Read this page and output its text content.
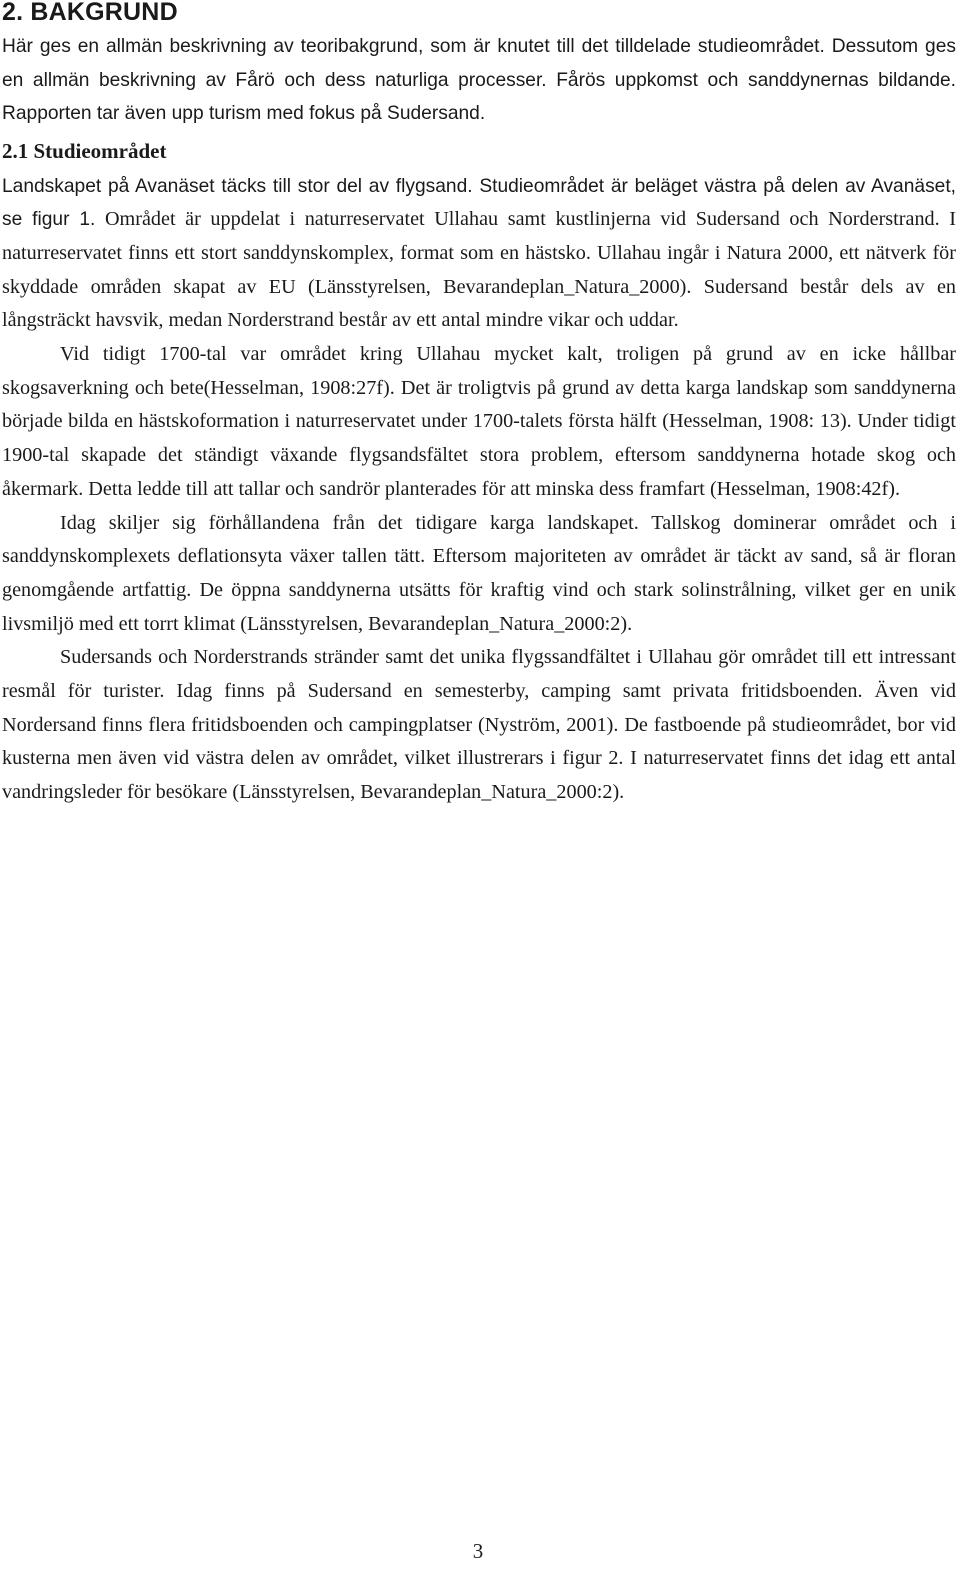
2. BAKGRUND

Här ges en allmän beskrivning av teoribakgrund, som är knutet till det tilldelade studieområdet. Dessutom ges en allmän beskrivning av Fårö och dess naturliga processer. Fårös uppkomst och sanddynernas bildande. Rapporten tar även upp turism med fokus på Sudersand.

2.1 Studieområdet

Landskapet på Avanäset täcks till stor del av flygsand. Studieområdet är beläget västra på delen av Avanäset, se figur 1. Området är uppdelat i naturreservatet Ullahau samt kustlinjerna vid Sudersand och Norderstrand. I naturreservatet finns ett stort sanddynskomplex, format som en hästsko. Ullahau ingår i Natura 2000, ett nätverk för skyddade områden skapat av EU (Länsstyrelsen, Bevarandeplan_Natura_2000). Sudersand består dels av en långsträckt havsvik, medan Norderstrand består av ett antal mindre vikar och uddar.

Vid tidigt 1700-tal var området kring Ullahau mycket kalt, troligen på grund av en icke hållbar skogsaverkning och bete(Hesselman, 1908:27f). Det är troligtvis på grund av detta karga landskap som sanddynerna började bilda en hästskoformation i naturreservatet under 1700-talets första hälft (Hesselman, 1908: 13). Under tidigt 1900-tal skapade det ständigt växande flygsandsfältet stora problem, eftersom sanddynerna hotade skog och åkermark. Detta ledde till att tallar och sandrör planterades för att minska dess framfart (Hesselman, 1908:42f).

Idag skiljer sig förhållandena från det tidigare karga landskapet. Tallskog dominerar området och i sanddynskomplexets deflationsyta växer tallen tätt. Eftersom majoriteten av området är täckt av sand, så är floran genomgående artfattig. De öppna sanddynerna utsätts för kraftig vind och stark solinstrålning, vilket ger en unik livsmiljö med ett torrt klimat (Länsstyrelsen, Bevarandeplan_Natura_2000:2).

Sudersands och Norderstrands stränder samt det unika flygssandfältet i Ullahau gör området till ett intressant resmål för turister. Idag finns på Sudersand en semesterby, camping samt privata fritidsboenden. Även vid Nordersand finns flera fritidsboenden och campingplatser (Nyström, 2001). De fastboende på studieområdet, bor vid kusterna men även vid västra delen av området, vilket illustrerars i figur 2. I naturreservatet finns det idag ett antal vandringsleder för besökare (Länsstyrelsen, Bevarandeplan_Natura_2000:2).

3
